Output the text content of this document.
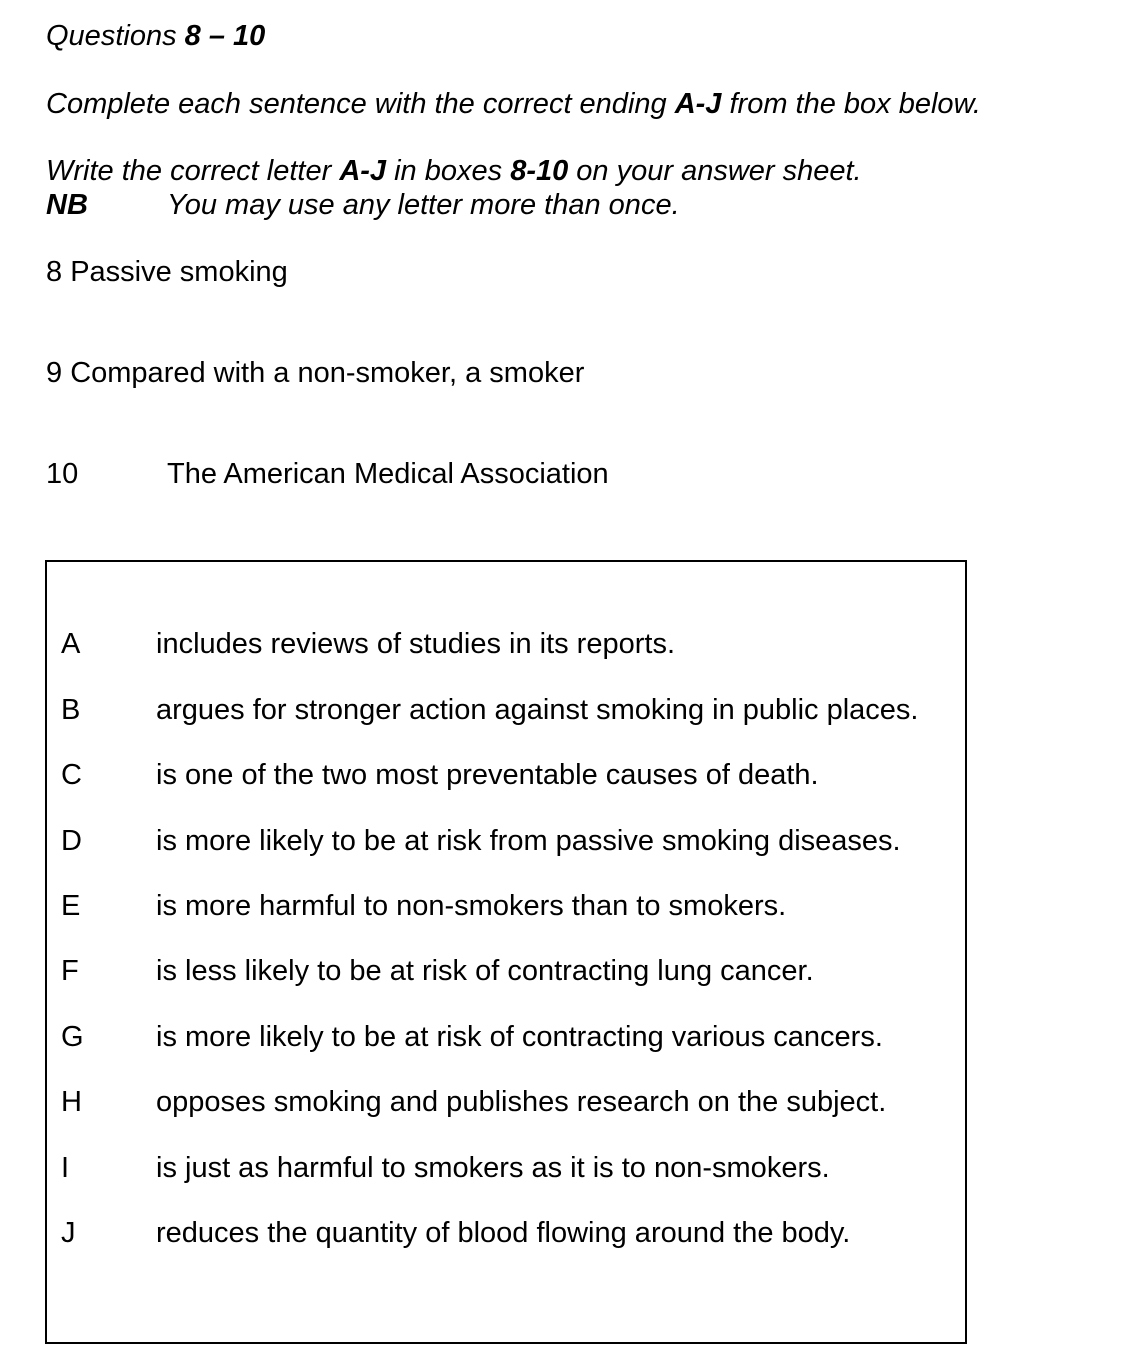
Questions 8 – 10
Complete each sentence with the correct ending A-J from the box below.
Write the correct letter A-J in boxes 8-10 on your answer sheet.
NB	You may use any letter more than once.
8 Passive smoking
9 Compared with a non-smoker, a smoker
10	The American Medical Association
A	includes reviews of studies in its reports.
B	argues for stronger action against smoking in public places.
C	is one of the two most preventable causes of death.
D	is more likely to be at risk from passive smoking diseases.
E	is more harmful to non-smokers than to smokers.
F	is less likely to be at risk of contracting lung cancer.
G is more likely to be at risk of contracting various cancers.
H	opposes smoking and publishes research on the subject.
I	is just as harmful to smokers as it is to non-smokers.
J	reduces the quantity of blood flowing around the body.
